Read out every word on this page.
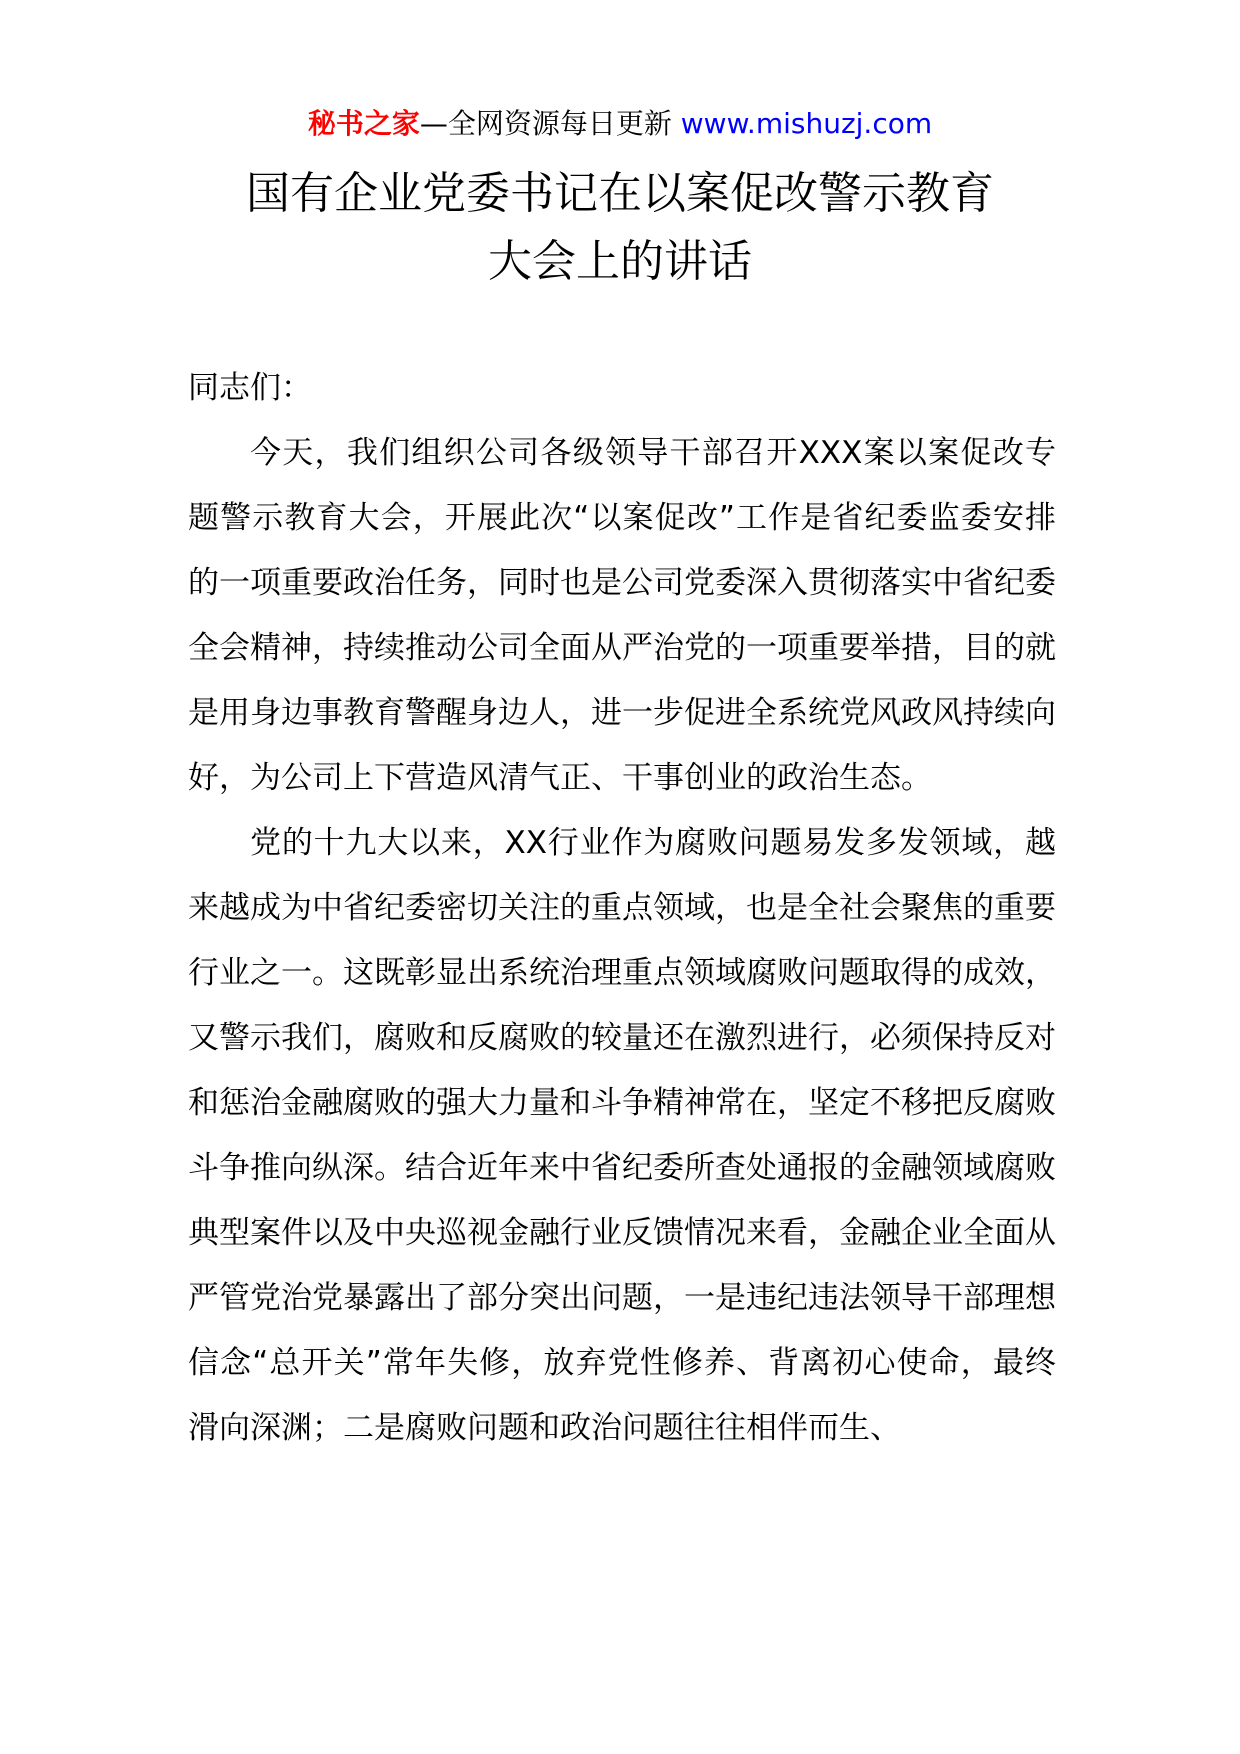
秘书之家—全网资源每日更新 www.mishuzj.com
国有企业党委书记在以案促改警示教育
大会上的讲话

同志们：

今天，我们组织公司各级领导干部召开XXX案以案促改专题警示教育大会，开展此次“以案促改”工作是省纪委监委安排的一项重要政治任务，同时也是公司党委深入贯彻落实中省纪委全会精神，持续推动公司全面从严治党的一项重要举措，目的就是用身边事教育警醒身边人，进一步促进全系统党风政风持续向好，为公司上下营造风清气正、干事创业的政治生态。

党的十九大以来，XX行业作为腐败问题易发多发领域，越来越成为中省纪委密切关注的重点领域，也是全社会聚焦的重要行业之一。这既彰显出系统治理重点领域腐败问题取得的成效，又警示我们，腐败和反腐败的较量还在激烈进行，必须保持反对和惩治金融腐败的强大力量和斗争精神常在，坚定不移把反腐败斗争推向纵深。结合近年来中省纪委所查处通报的金融领域腐败典型案件以及中央巡视金融行业反馈情况来看，金融企业全面从严管党治党暴露出了部分突出问题，一是违纪违法领导干部理想信念“总开关”常年失修，放弃党性修养、背离初心使命，最终滑向深渊；二是腐败问题和政治问题往往相伴而生、
